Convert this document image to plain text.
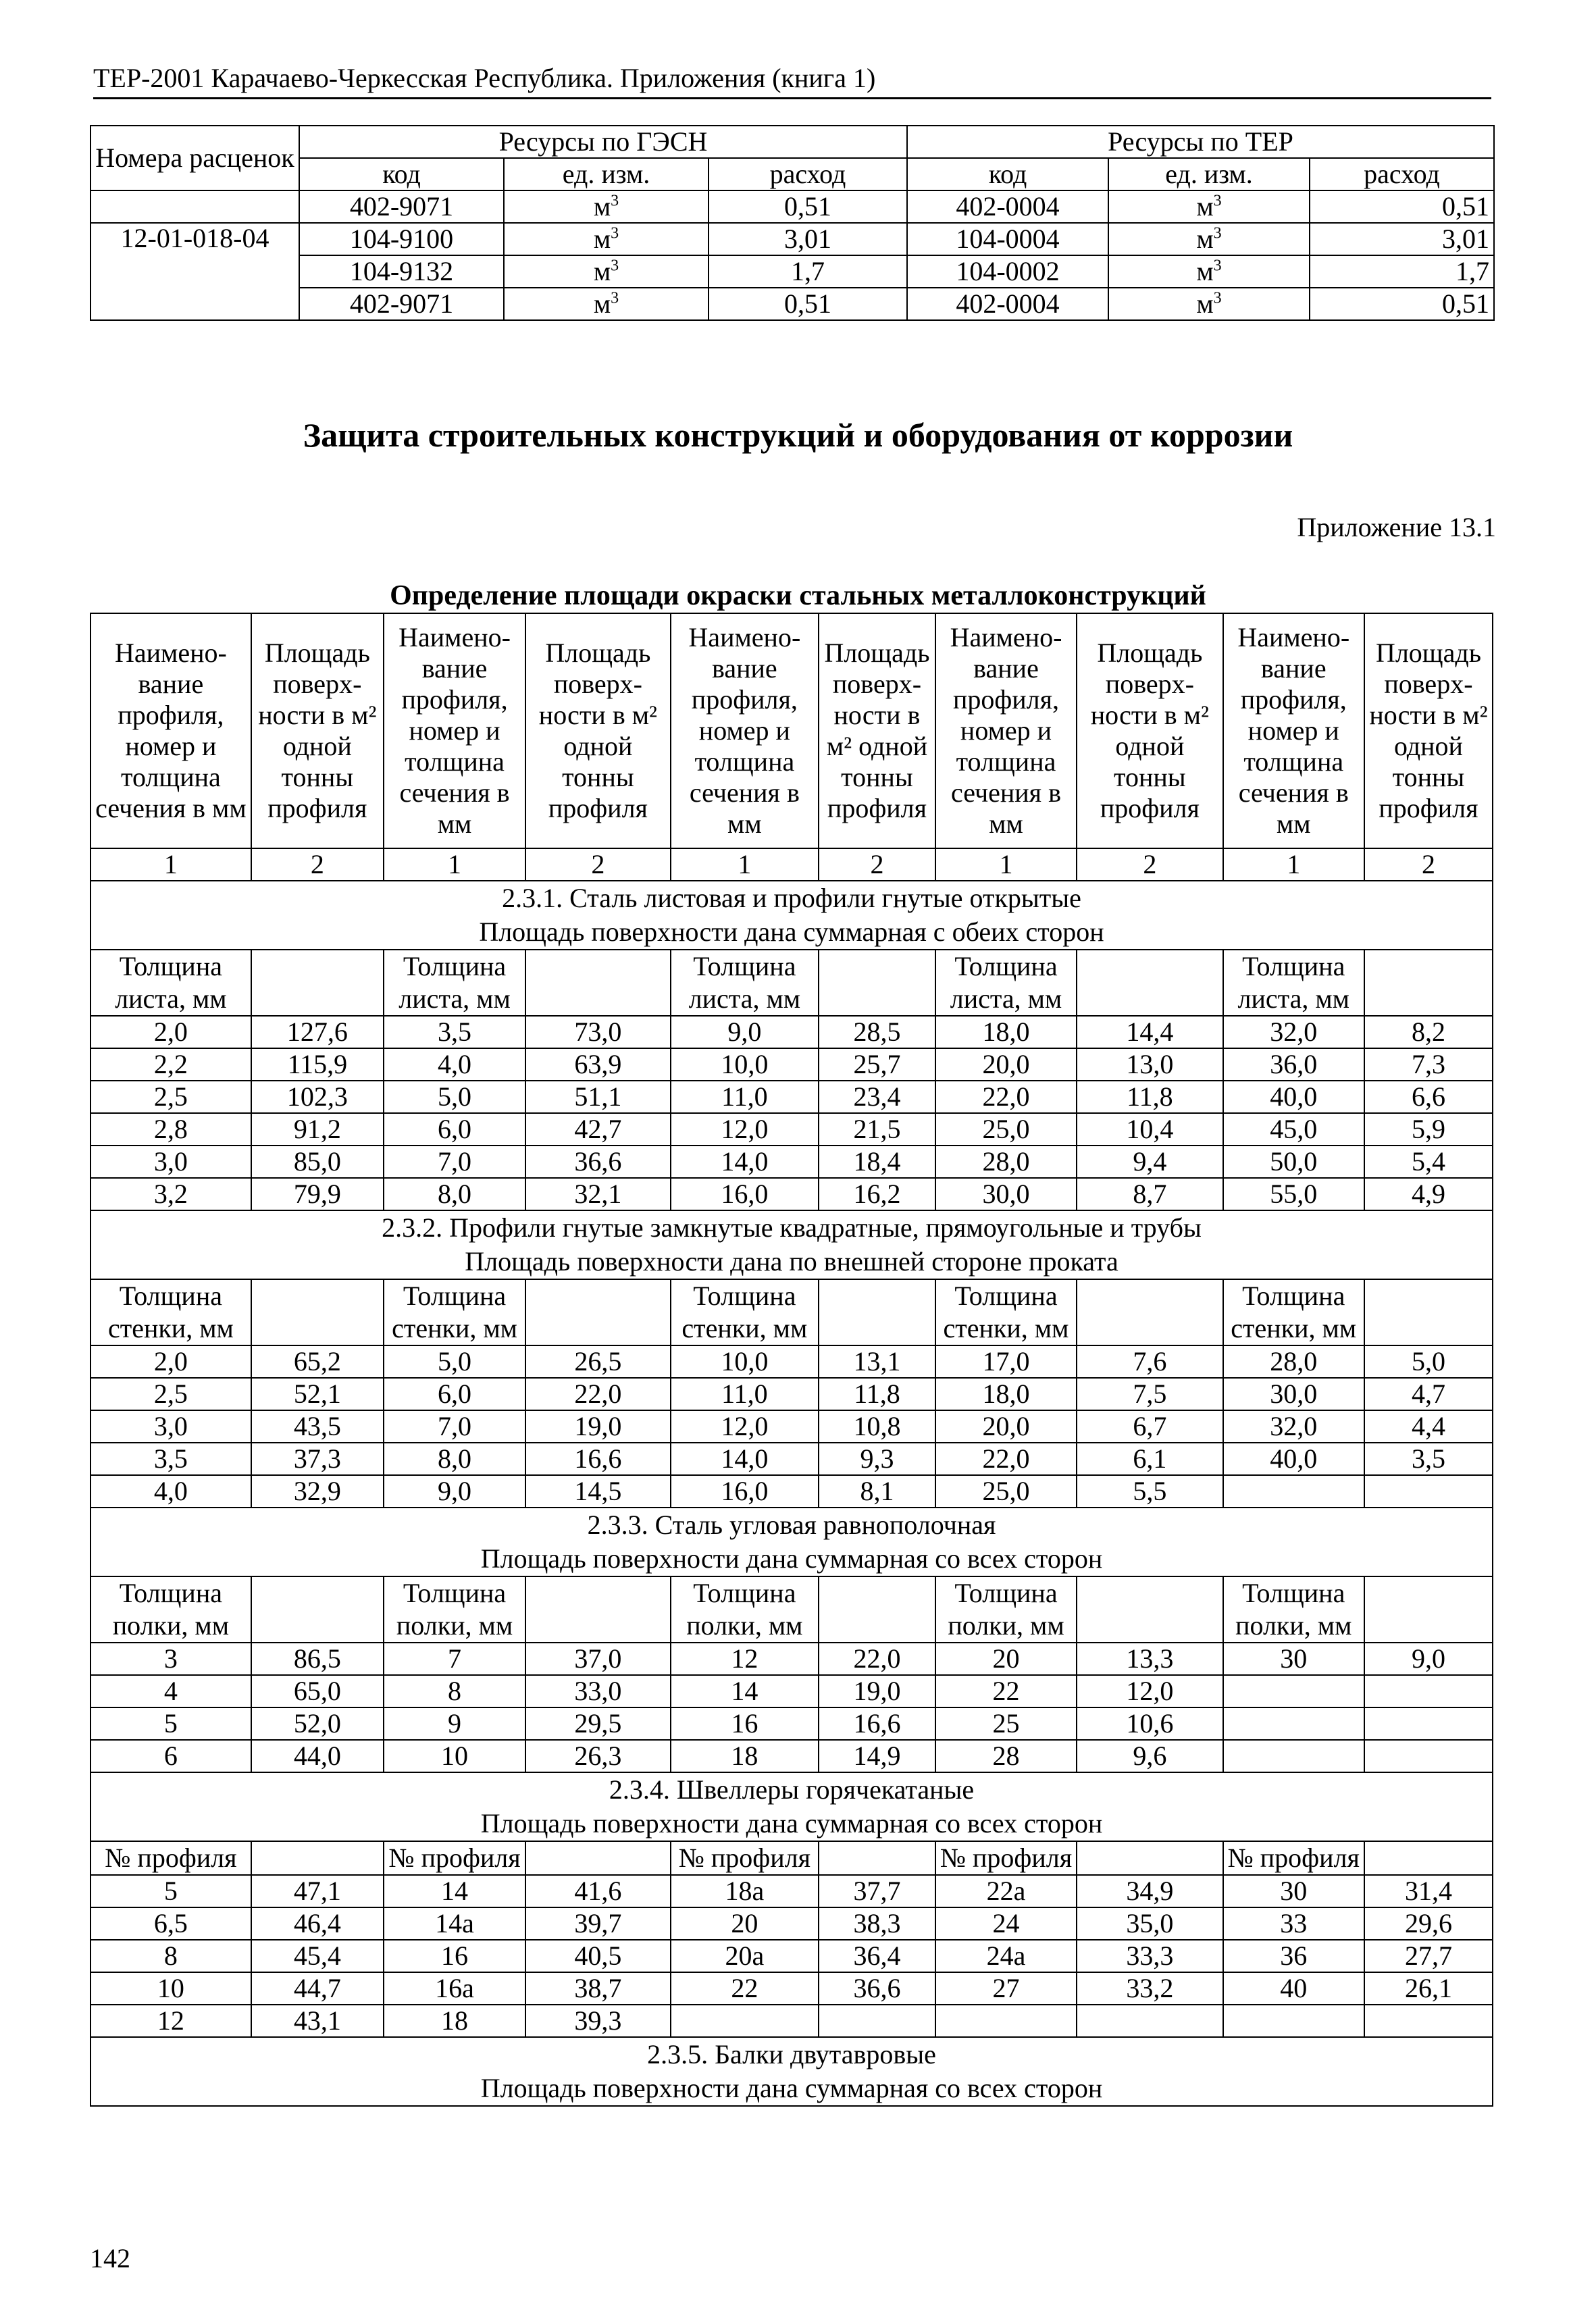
ТЕР-2001 Карачаево-Черкесская Республика. Приложения (книга 1)
Номера расценок	Ресурсы по ГЭСН			Ресурсы по ТЕР		
	код	ед. изм.	расход	код	ед. изм.	расход
	402-9071	$м^3$	0,51	402-0004	$м^3$	0,51
12-01-018-04	104-9100	$м^3$	3,01	104-0004	$м^3$	3,01
	104-9132	$м^3$	1,7	104-0002	$м^3$	1,7
	402-9071	$м^3$	0,51	402-0004	$м^3$	0,51
Защита строительных конструкций и оборудования от коррозии
Приложение 13.1
Определение площади окраски стальных металлоконструкций
Наимено-вание профиля, номер и толщина сечения в мм	Площадь поверх-ности в м² одной тонны профиля	Наимено-вание профиля, номер и толщина сечения в мм	Площадь поверх-ности в м² одной тонны профиля	Наимено-вание профиля, номер и толщина сечения в мм	Площадь поверх-ности в м² одной тонны профиля	Наимено-вание профиля, номер и толщина сечения в мм	Площадь поверх-ности в м² одной тонны профиля	Наимено-вание профиля, номер и толщина сечения в мм	Площадь поверх-ности в м² одной тонны профиля
1	2	1	2	1	2	1	2	1	2

2.3.1. Сталь листовая и профили гнутые открытые
Площадь поверхности дана суммарная с обеих сторон									

Толщина листа, мм		Толщина листа, мм		Толщина листа, мм		Толщина листа, мм		Толщина листа, мм	
2,0	127,6	3,5	73,0	9,0	28,5	18,0	14,4	32,0	8,2
2,2	115,9	4,0	63,9	10,0	25,7	20,0	13,0	36,0	7,3
2,5	102,3	5,0	51,1	11,0	23,4	22,0	11,8	40,0	6,6
2,8	91,2	6,0	42,7	12,0	21,5	25,0	10,4	45,0	5,9
3,0	85,0	7,0	36,6	14,0	18,4	28,0	9,4	50,0	5,4
3,2	79,9	8,0	32,1	16,0	16,2	30,0	8,7	55,0	4,9

2.3.2. Профили гнутые замкнутые квадратные, прямоугольные и трубы
Площадь поверхности дана по внешней стороне проката									

Толщина стенки, мм		Толщина стенки, мм		Толщина стенки, мм		Толщина стенки, мм		Толщина стенки, мм	
2,0	65,2	5,0	26,5	10,0	13,1	17,0	7,6	28,0	5,0
2,5	52,1	6,0	22,0	11,0	11,8	18,0	7,5	30,0	4,7
3,0	43,5	7,0	19,0	12,0	10,8	20,0	6,7	32,0	4,4
3,5	37,3	8,0	16,6	14,0	9,3	22,0	6,1	40,0	3,5
4,0	32,9	9,0	14,5	16,0	8,1	25,0	5,5		

2.3.3. Сталь угловая равнополочная
Площадь поверхности дана суммарная со всех сторон									

Толщина полки, мм		Толщина полки, мм		Толщина полки, мм		Толщина полки, мм		Толщина полки, мм	
3	86,5	7	37,0	12	22,0	20	13,3	30	9,0
4	65,0	8	33,0	14	19,0	22	12,0		
5	52,0	9	29,5	16	16,6	25	10,6		
6	44,0	10	26,3	18	14,9	28	9,6		

2.3.4. Швеллеры горячекатаные
Площадь поверхности дана суммарная со всех сторон									

№ профиля		№ профиля		№ профиля		№ профиля		№ профиля	
5	47,1	14	41,6	18а	37,7	22а	34,9	30	31,4
6,5	46,4	14а	39,7	20	38,3	24	35,0	33	29,6
8	45,4	16	40,5	20а	36,4	24а	33,3	36	27,7
10	44,7	16а	38,7	22	36,6	27	33,2	40	26,1
12	43,1	18	39,3						

2.3.5. Балки двутавровые
Площадь поверхности дана суммарная со всех сторон									
142
